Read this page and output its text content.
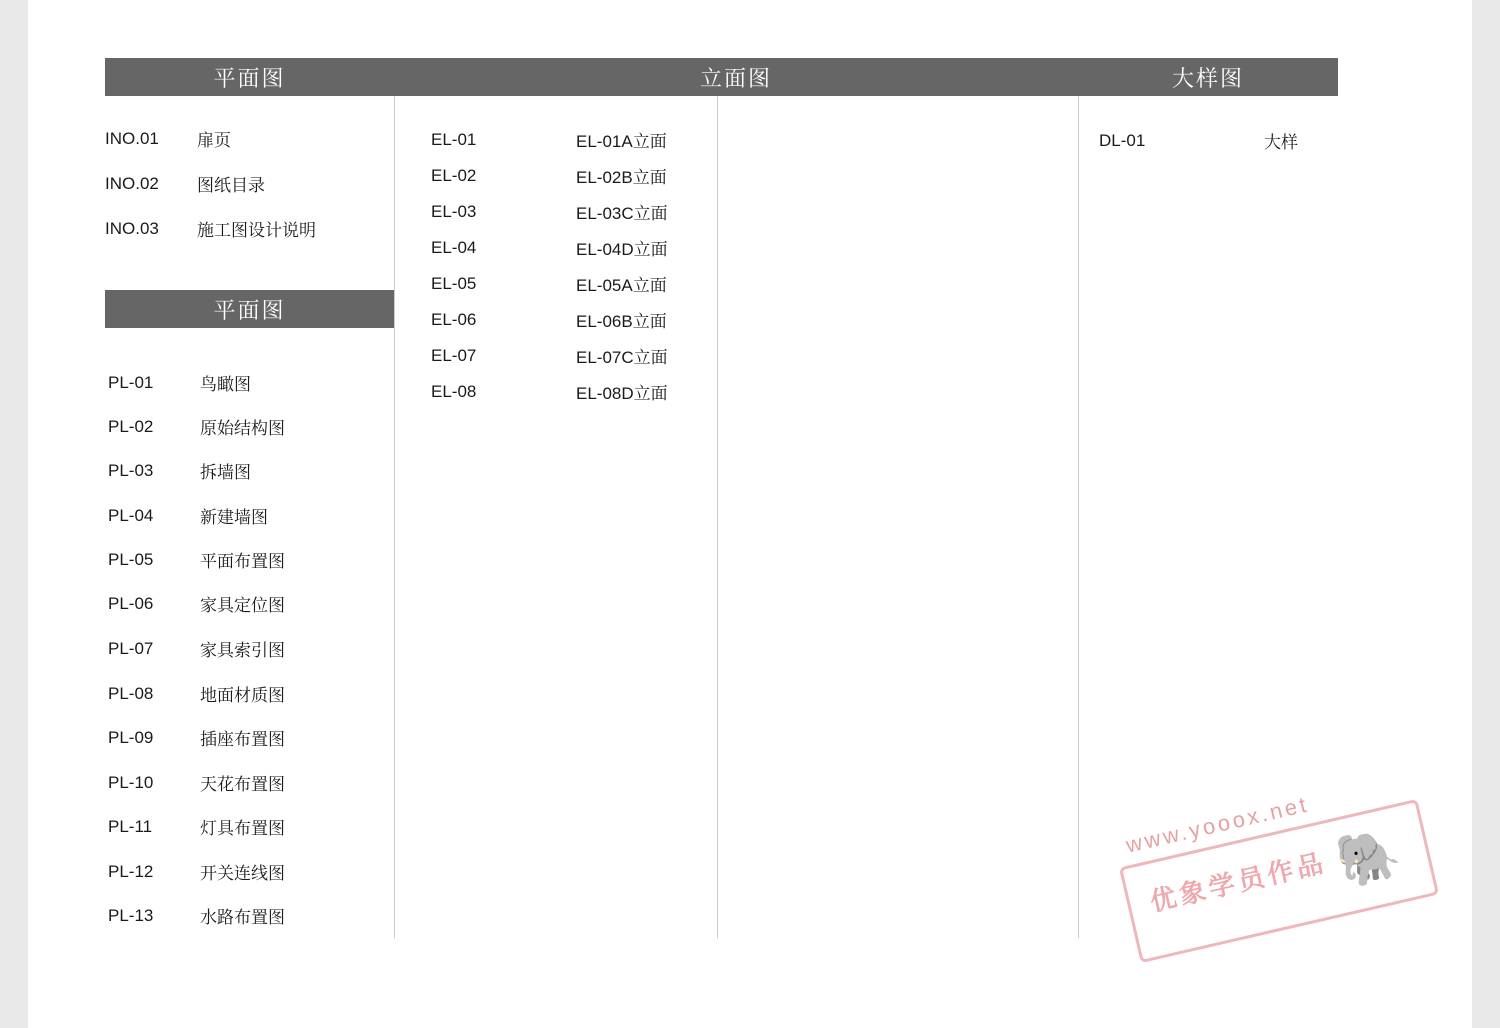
平面图	立面图	大样图
平面图
INO.01	扉页
INO.02	图纸目录
INO.03	施工图设计说明
PL-01	鸟瞰图
PL-02	原始结构图
PL-03	拆墙图
PL-04	新建墙图
PL-05	平面布置图
PL-06	家具定位图
PL-07	家具索引图
PL-08	地面材质图
PL-09	插座布置图
PL-10	天花布置图
PL-11	灯具布置图
PL-12	开关连线图
PL-13	水路布置图
EL-01	EL-01A立面
EL-02	EL-02B立面
EL-03	EL-03C立面
EL-04	EL-04D立面
EL-05	EL-05A立面
EL-06	EL-06B立面
EL-07	EL-07C立面
EL-08	EL-08D立面
DL-01	大样
www.yooox.net
🐘
优象学员作品
